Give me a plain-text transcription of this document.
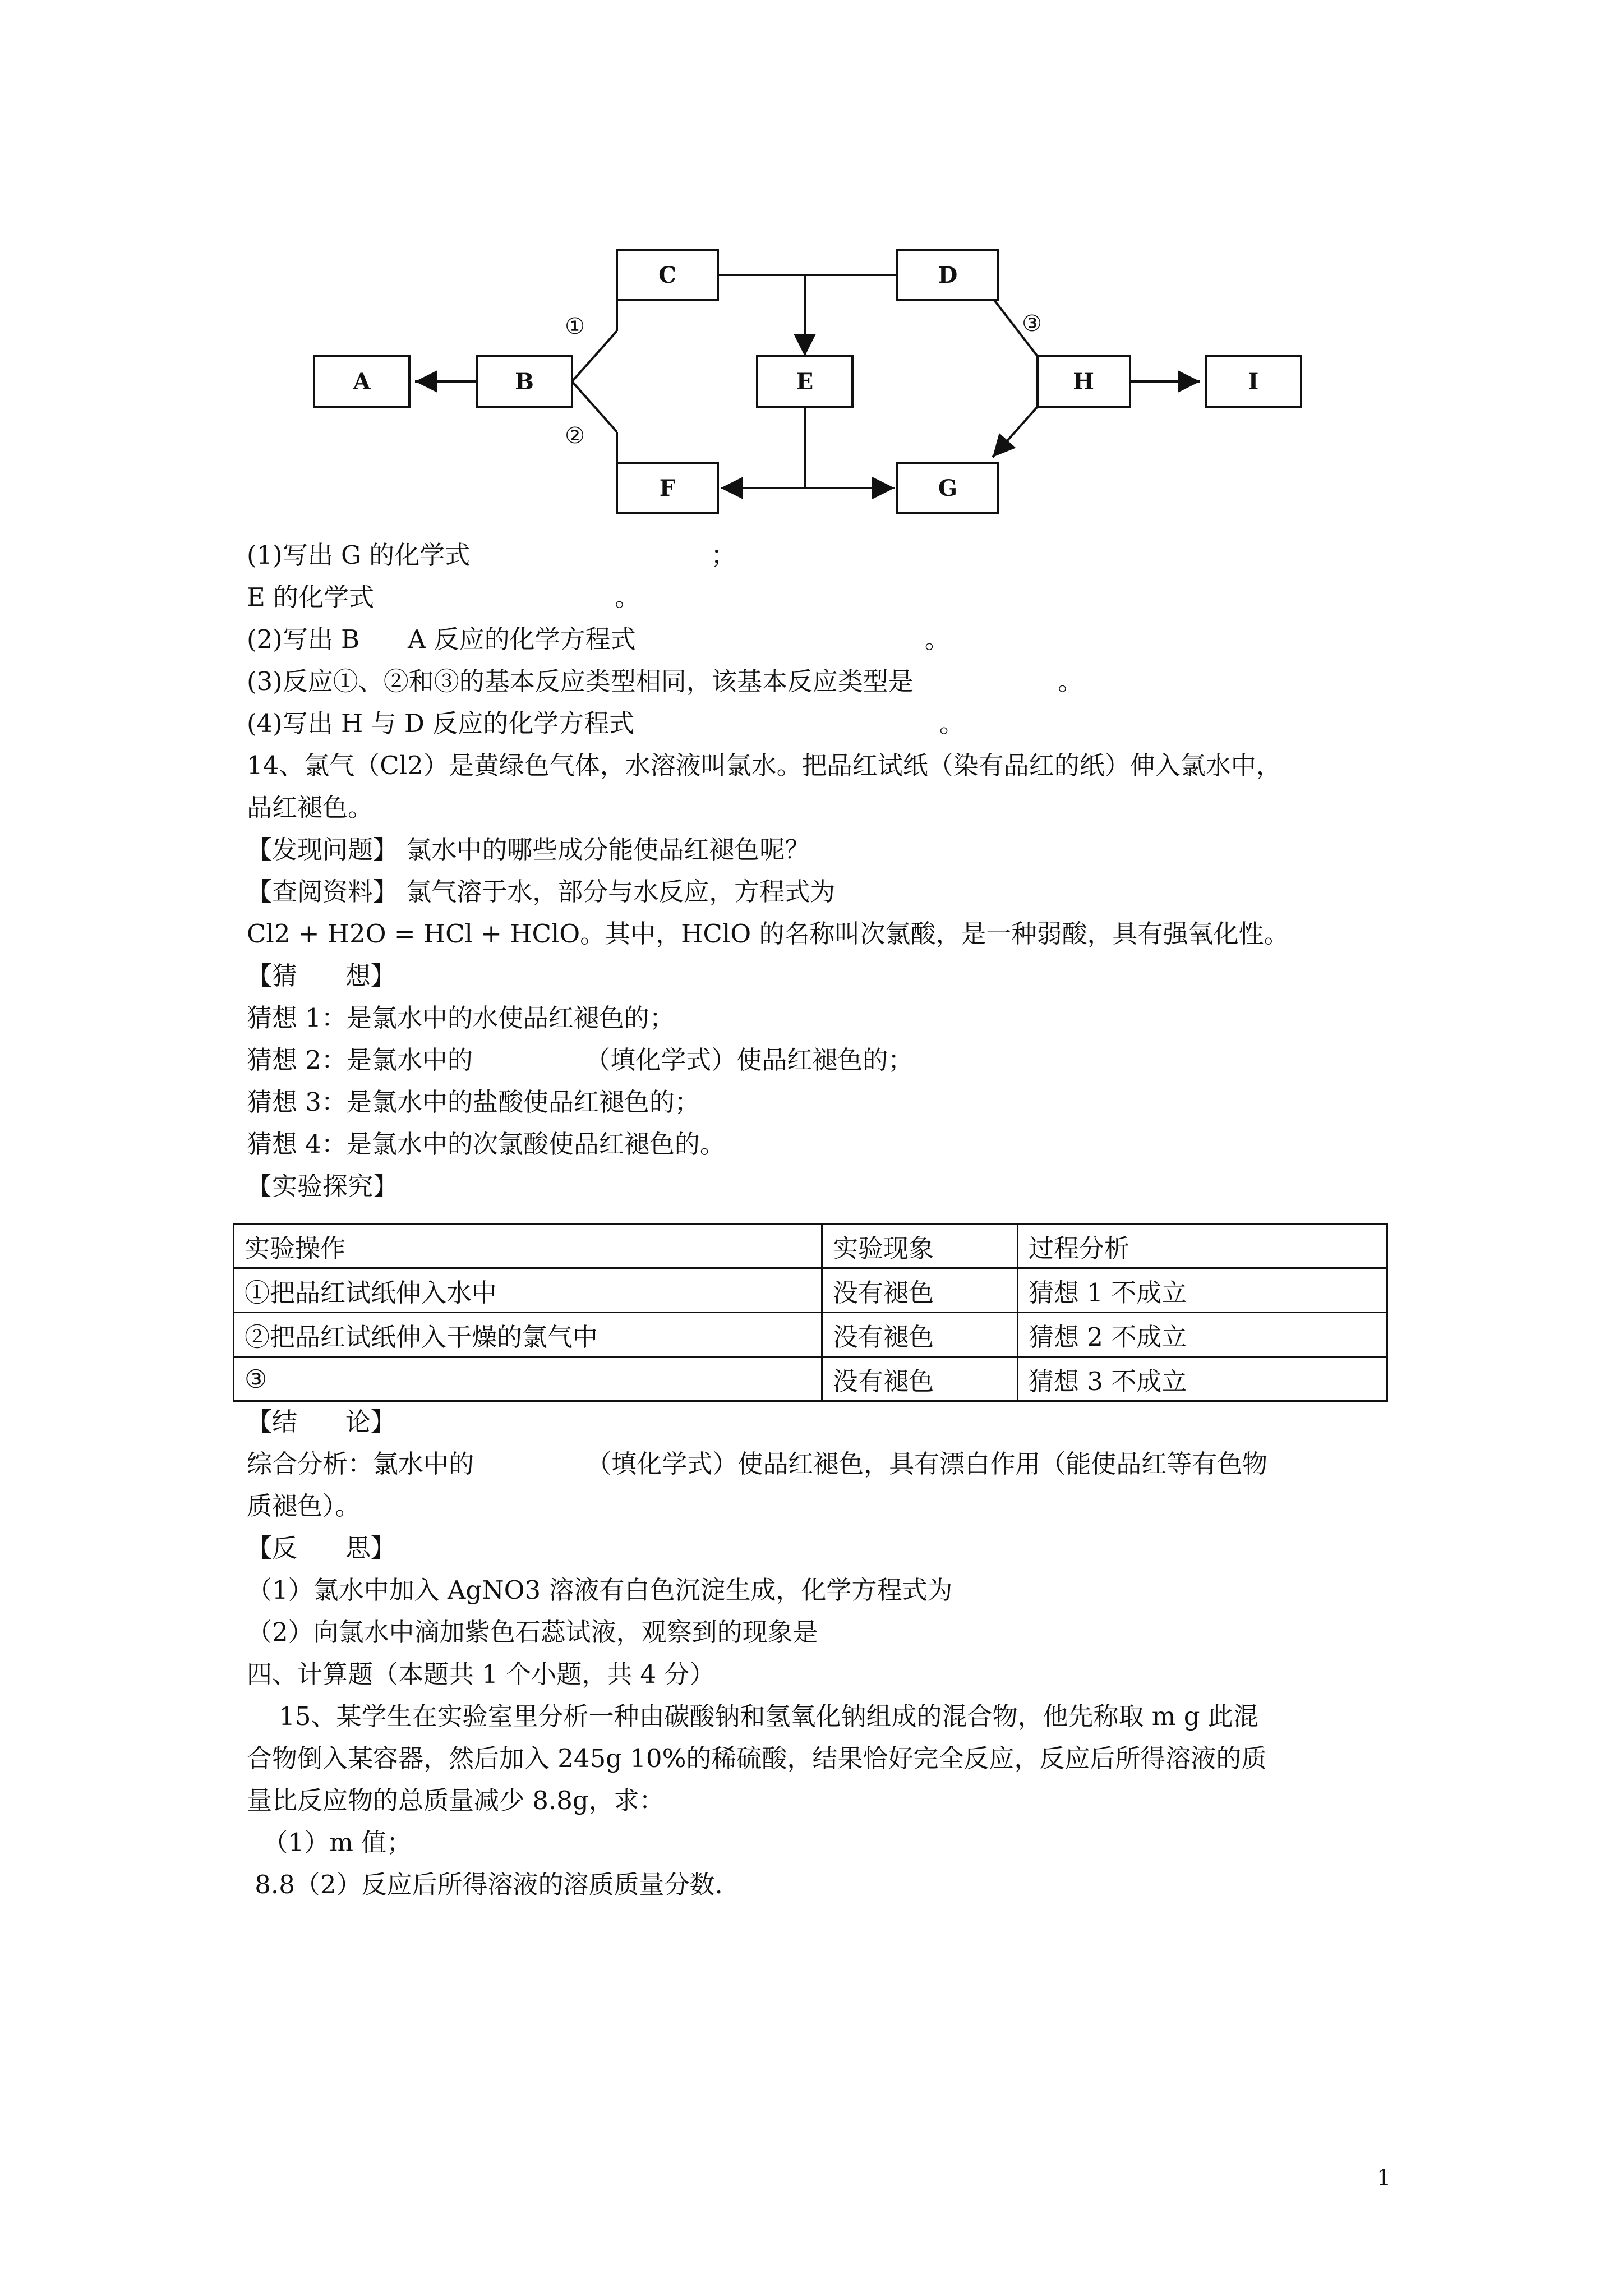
A	B
C	D
E	H	I
F	G
①
②
③
(1)写出 G 的化学式                              ；
E 的化学式                              。
(2)写出 B      A 反应的化学方程式                                    。
(3)反应①、②和③的基本反应类型相同，该基本反应类型是                  。
(4)写出 H 与 D 反应的化学方程式                                      。
14、氯气（Cl2）是黄绿色气体，水溶液叫氯水。把品红试纸（染有品红的纸）伸入氯水中，
品红褪色。
【发现问题】 氯水中的哪些成分能使品红褪色呢？
【查阅资料】 氯气溶于水，部分与水反应，方程式为
Cl2 + H2O = HCl + HClO。其中，HClO 的名称叫次氯酸，是一种弱酸，具有强氧化性。
【猜      想】
猜想 1：是氯水中的水使品红褪色的；
猜想 2：是氯水中的              （填化学式）使品红褪色的；
猜想 3：是氯水中的盐酸使品红褪色的；
猜想 4：是氯水中的次氯酸使品红褪色的。
【实验探究】
实验操作	实验现象	过程分析
①把品红试纸伸入水中	没有褪色	猜想 1 不成立
②把品红试纸伸入干燥的氯气中	没有褪色	猜想 2 不成立
③	没有褪色	猜想 3 不成立
【结      论】
综合分析：氯水中的              （填化学式）使品红褪色，具有漂白作用（能使品红等有色物
质褪色）。
【反      思】
（1）氯水中加入 AgNO3 溶液有白色沉淀生成，化学方程式为
（2）向氯水中滴加紫色石蕊试液，观察到的现象是
四、计算题（本题共 1 个小题，共 4 分）
15、某学生在实验室里分析一种由碳酸钠和氢氧化钠组成的混合物，他先称取 m g 此混
合物倒入某容器，然后加入 245g 10%的稀硫酸，结果恰好完全反应，反应后所得溶液的质
量比反应物的总质量减少 8.8g，求：
（1）m 值；
8.8（2）反应后所得溶液的溶质质量分数.
1
